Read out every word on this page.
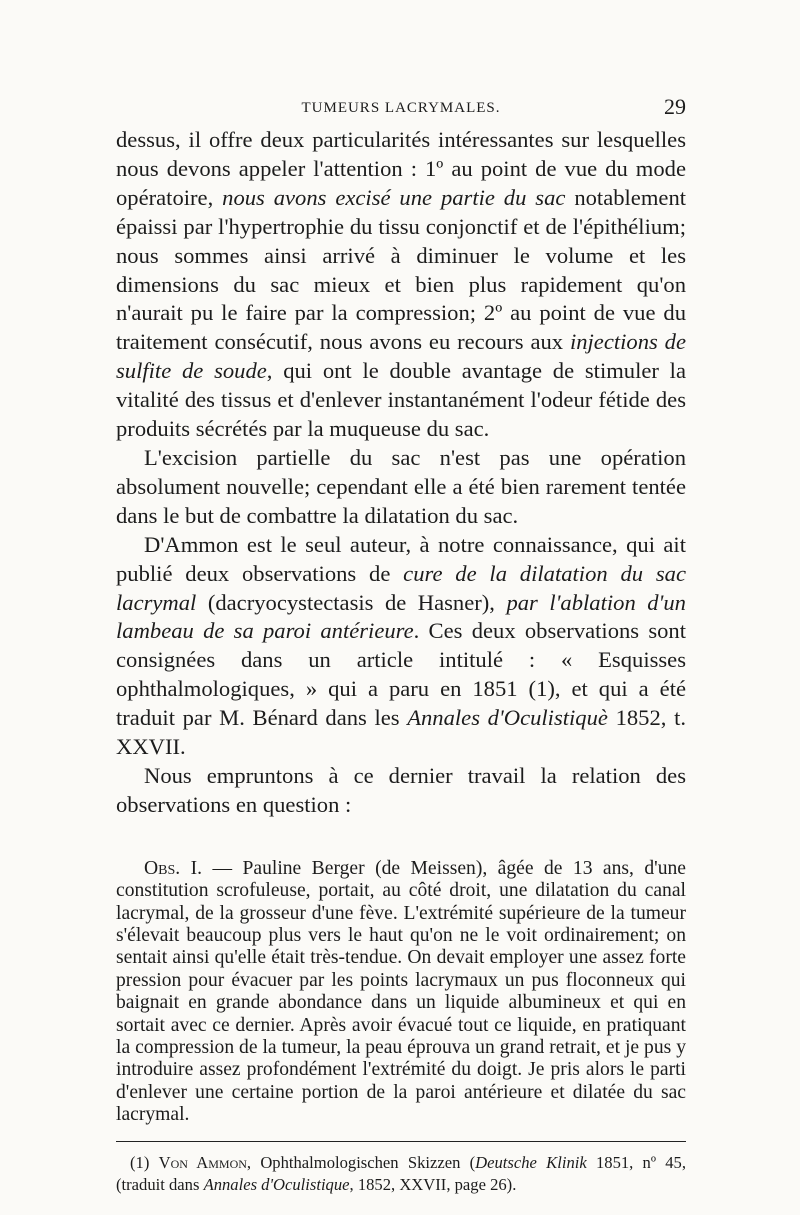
TUMEURS LACRYMALES.	29

dessus, il offre deux particularités intéressantes sur lesquelles nous devons appeler l'attention : 1º au point de vue du mode opératoire, nous avons excisé une partie du sac notablement épaissi par l'hypertrophie du tissu conjonctif et de l'épithélium; nous sommes ainsi arrivé à diminuer le volume et les dimensions du sac mieux et bien plus rapidement qu'on n'aurait pu le faire par la compression; 2º au point de vue du traitement consécutif, nous avons eu recours aux injections de sulfite de soude, qui ont le double avantage de stimuler la vitalité des tissus et d'enlever instantanément l'odeur fétide des produits sécrétés par la muqueuse du sac.

L'excision partielle du sac n'est pas une opération absolument nouvelle; cependant elle a été bien rarement tentée dans le but de combattre la dilatation du sac.

D'Ammon est le seul auteur, à notre connaissance, qui ait publié deux observations de cure de la dilatation du sac lacrymal (dacryocystectasis de Hasner), par l'ablation d'un lambeau de sa paroi antérieure. Ces deux observations sont consignées dans un article intitulé : « Esquisses ophthalmologiques, » qui a paru en 1851 (1), et qui a été traduit par M. Bénard dans les Annales d'Oculistiquè 1852, t. XXVII.

Nous empruntons à ce dernier travail la relation des observations en question :

Obs. I. — Pauline Berger (de Meissen), âgée de 13 ans, d'une constitution scrofuleuse, portait, au côté droit, une dilatation du canal lacrymal, de la grosseur d'une fève. L'extrémité supérieure de la tumeur s'élevait beaucoup plus vers le haut qu'on ne le voit ordinairement; on sentait ainsi qu'elle était très-tendue. On devait employer une assez forte pression pour évacuer par les points lacrymaux un pus floconneux qui baignait en grande abondance dans un liquide albumineux et qui en sortait avec ce dernier. Après avoir évacué tout ce liquide, en pratiquant la compression de la tumeur, la peau éprouva un grand retrait, et je pus y introduire assez profondément l'extrémité du doigt. Je pris alors le parti d'enlever une certaine portion de la paroi antérieure et dilatée du sac lacrymal.
(1) Von Ammon, Ophthalmologischen Skizzen (Deutsche Klinik 1851, nº 45, (traduit dans Annales d'Oculistique, 1852, XXVII, page 26).
